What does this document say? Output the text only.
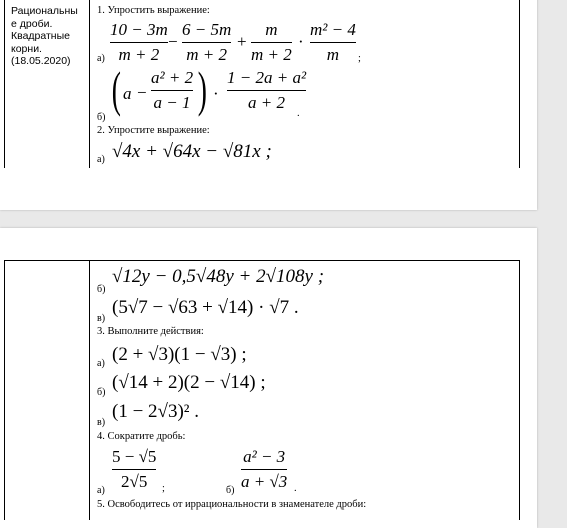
Рациональны
е дроби.
Квадратные
корни.
(18.05.2020)
1. Упростить выражение:
а)
10 − 3m
m + 2
−
6 − 5m
m + 2
+
m
m + 2
·
m² − 4
m	;
б)
( a −
a² + 2
a − 1 ) ·
1 − 2a + a²
a + 2
.
2. Упростите выражение:
а) √4x + √64x − √81x ;
б)
√12y − 0,5√48y + 2√108y ;
в)
(5√7 − √63 + √14) · √7 .
3. Выполните действия:
а) (2 + √3)(1 − √3) ;
б) (√14 + 2)(2 − √14) ;
в)
(1 − 2√3)² .
4. Сократите дробь:
а)
5 − √5
2√5	;	б)
a² − 3
a + √3 .
5. Освободитесь от иррациональности в знаменателе дроби:
